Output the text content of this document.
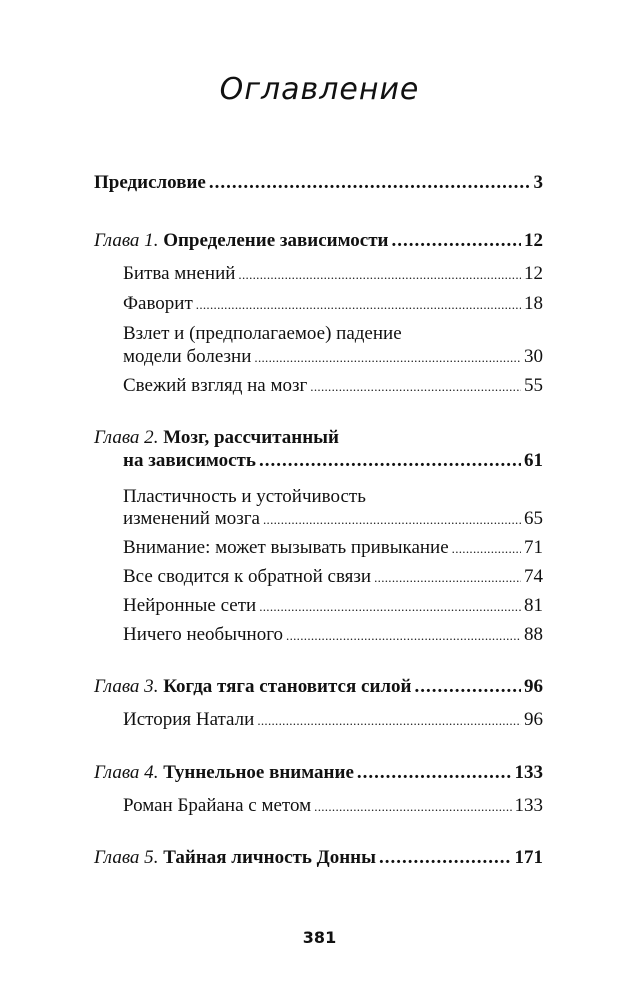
Оглавление
Предисловие .....	3
Глава 1. Определение зависимости .....	12
Битва мнений .....	12
Фаворит .....	18
Взлет и (предполагаемое) падение
модели болезни .....	30
Свежий взгляд на мозг .....	55
Глава 2. Мозг, рассчитанный
на зависимость .....	61
Пластичность и устойчивость
изменений мозга .....	65
Внимание: может вызывать привыкание .....	71
Все сводится к обратной связи .....	74
Нейронные сети .....	81
Ничего необычного .....	88
Глава 3. Когда тяга становится силой .....	96
История Натали .....	96
Глава 4. Туннельное внимание .....	133
Роман Брайана с метом .....	133
Глава 5. Тайная личность Донны .....	171
381
